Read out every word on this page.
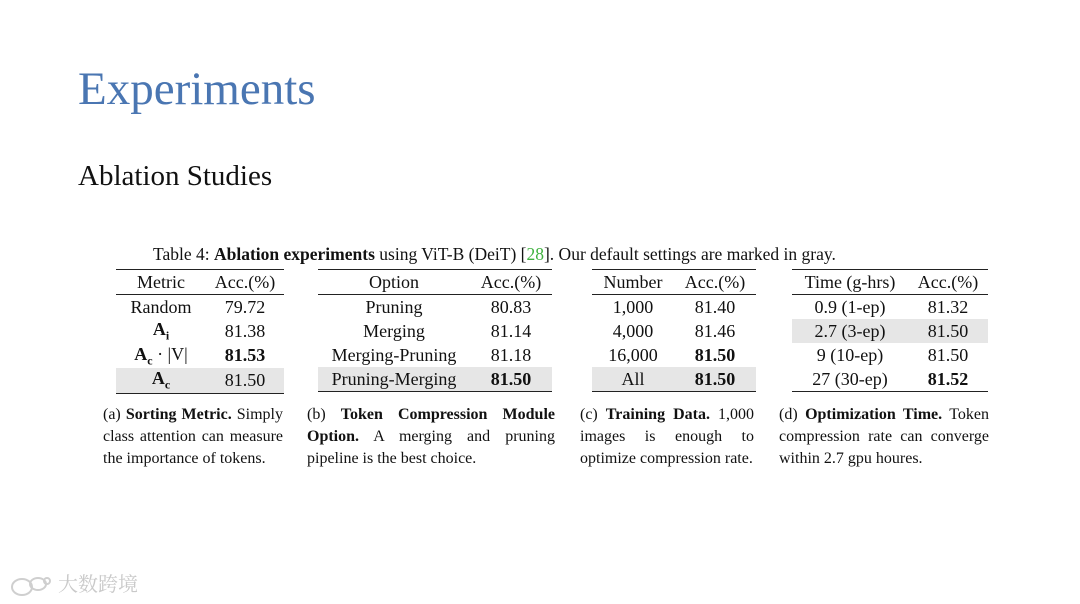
Experiments
Ablation Studies
Table 4: Ablation experiments using ViT-B (DeiT) [28]. Our default settings are marked in gray.
Metric	Acc.(%)
Random	79.72
$A_i$	81.38
$A_c \cdot |V|$	81.53
$A_c$	81.50
Option	Acc.(%)
Pruning	80.83
Merging	81.14
Merging-Pruning	81.18
Pruning-Merging	81.50
Number	Acc.(%)
1,000	81.40
4,000	81.46
16,000	81.50
All	81.50
Time (g-hrs)	Acc.(%)
0.9 (1-ep)	81.32
2.7 (3-ep)	81.50
9 (10-ep)	81.50
27 (30-ep)	81.52
(a) Sorting Metric. Simply class attention can measure the importance of tokens.
(b) Token Compression Module Option. A merging and pruning pipeline is the best choice.
(c) Training Data. 1,000 images is enough to optimize compression rate.
(d) Optimization Time. Token compression rate can converge within 2.7 gpu houres.
大数跨境
